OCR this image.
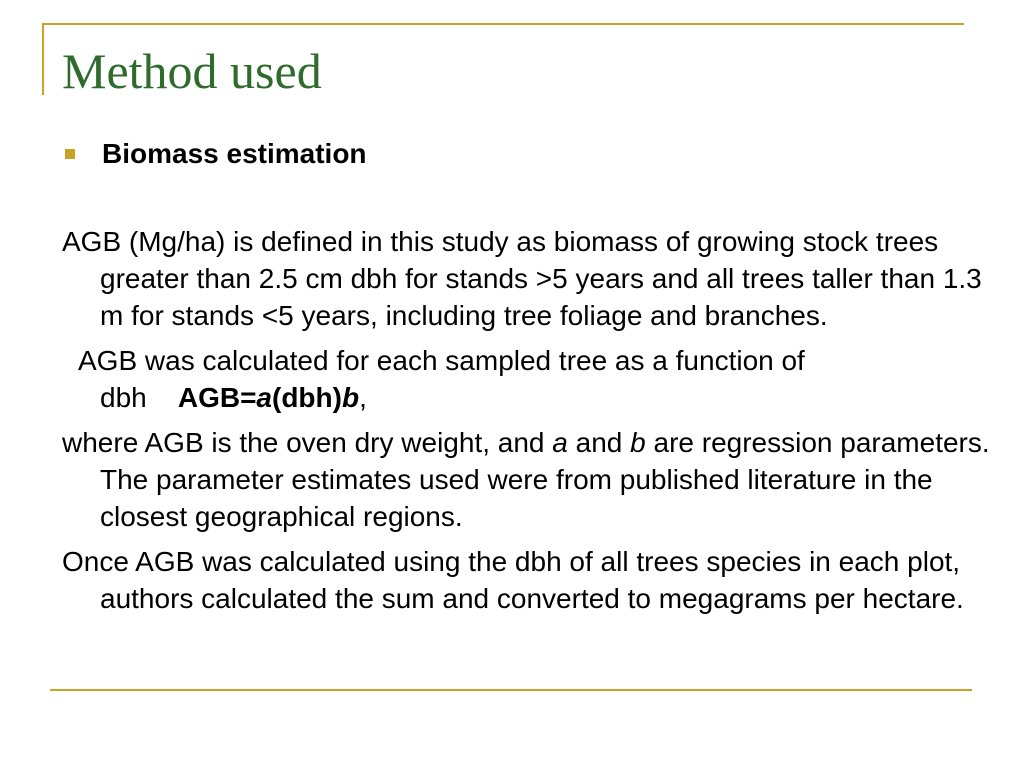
Method used
Biomass estimation

AGB (Mg/ha) is defined in this study as biomass of growing stock trees greater than 2.5 cm dbh for stands >5 years and all trees taller than 1.3 m for stands <5 years, including tree foliage and branches.

AGB was calculated for each sampled tree as a function of dbh AGB=a(dbh)b,

where AGB is the oven dry weight, and a and b are regression parameters. The parameter estimates used were from published literature in the closest geographical regions.

Once AGB was calculated using the dbh of all trees species in each plot, authors calculated the sum and converted to megagrams per hectare.
